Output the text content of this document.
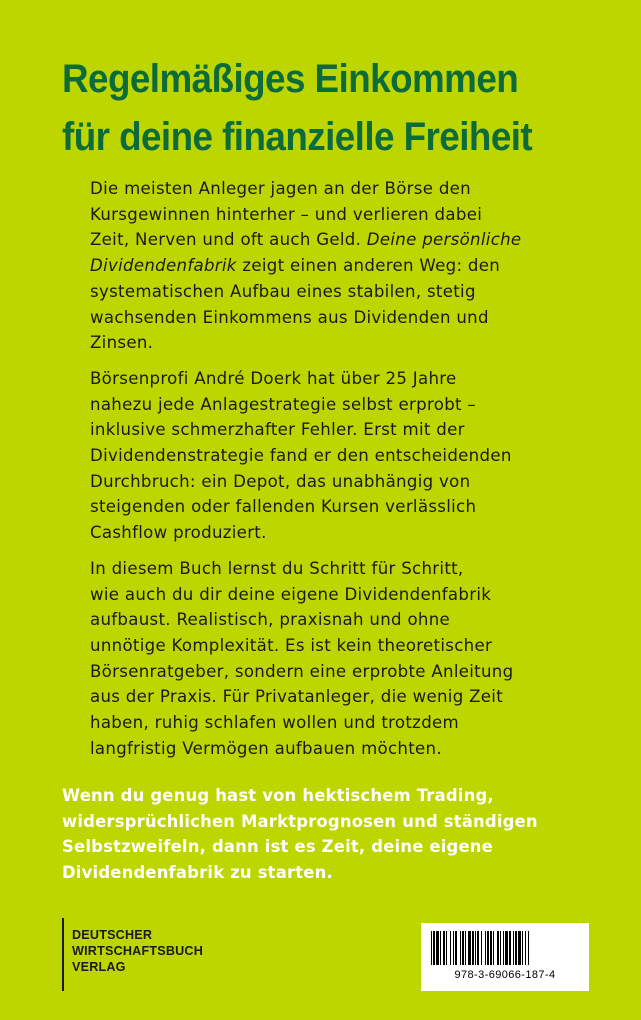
Regelmäßiges Einkommen
für deine finanzielle Freiheit

Die meisten Anleger jagen an der Börse den
Kursgewinnen hinterher – und verlieren dabei
Zeit, Nerven und oft auch Geld. Deine persönliche
Dividendenfabrik zeigt einen anderen Weg: den
systematischen Aufbau eines stabilen, stetig
wachsenden Einkommens aus Dividenden und
Zinsen.

Börsenprofi André Doerk hat über 25 Jahre
nahezu jede Anlagestrategie selbst erprobt –
inklusive schmerzhafter Fehler. Erst mit der
Dividendenstrategie fand er den entscheidenden
Durchbruch: ein Depot, das unabhängig von
steigenden oder fallenden Kursen verlässlich
Cashflow produziert.

In diesem Buch lernst du Schritt für Schritt,
wie auch du dir deine eigene Dividendenfabrik
aufbaust. Realistisch, praxisnah und ohne
unnötige Komplexität. Es ist kein theoretischer
Börsenratgeber, sondern eine erprobte Anleitung
aus der Praxis. Für Privatanleger, die wenig Zeit
haben, ruhig schlafen wollen und trotzdem
langfristig Vermögen aufbauen möchten.

Wenn du genug hast von hektischem Trading,
widersprüchlichen Marktprognosen und ständigen
Selbstzweifeln, dann ist es Zeit, deine eigene
Dividendenfabrik zu starten.
DEUTSCHER
WIRTSCHAFTSBUCH
VERLAG
978-3-69066-187-4
